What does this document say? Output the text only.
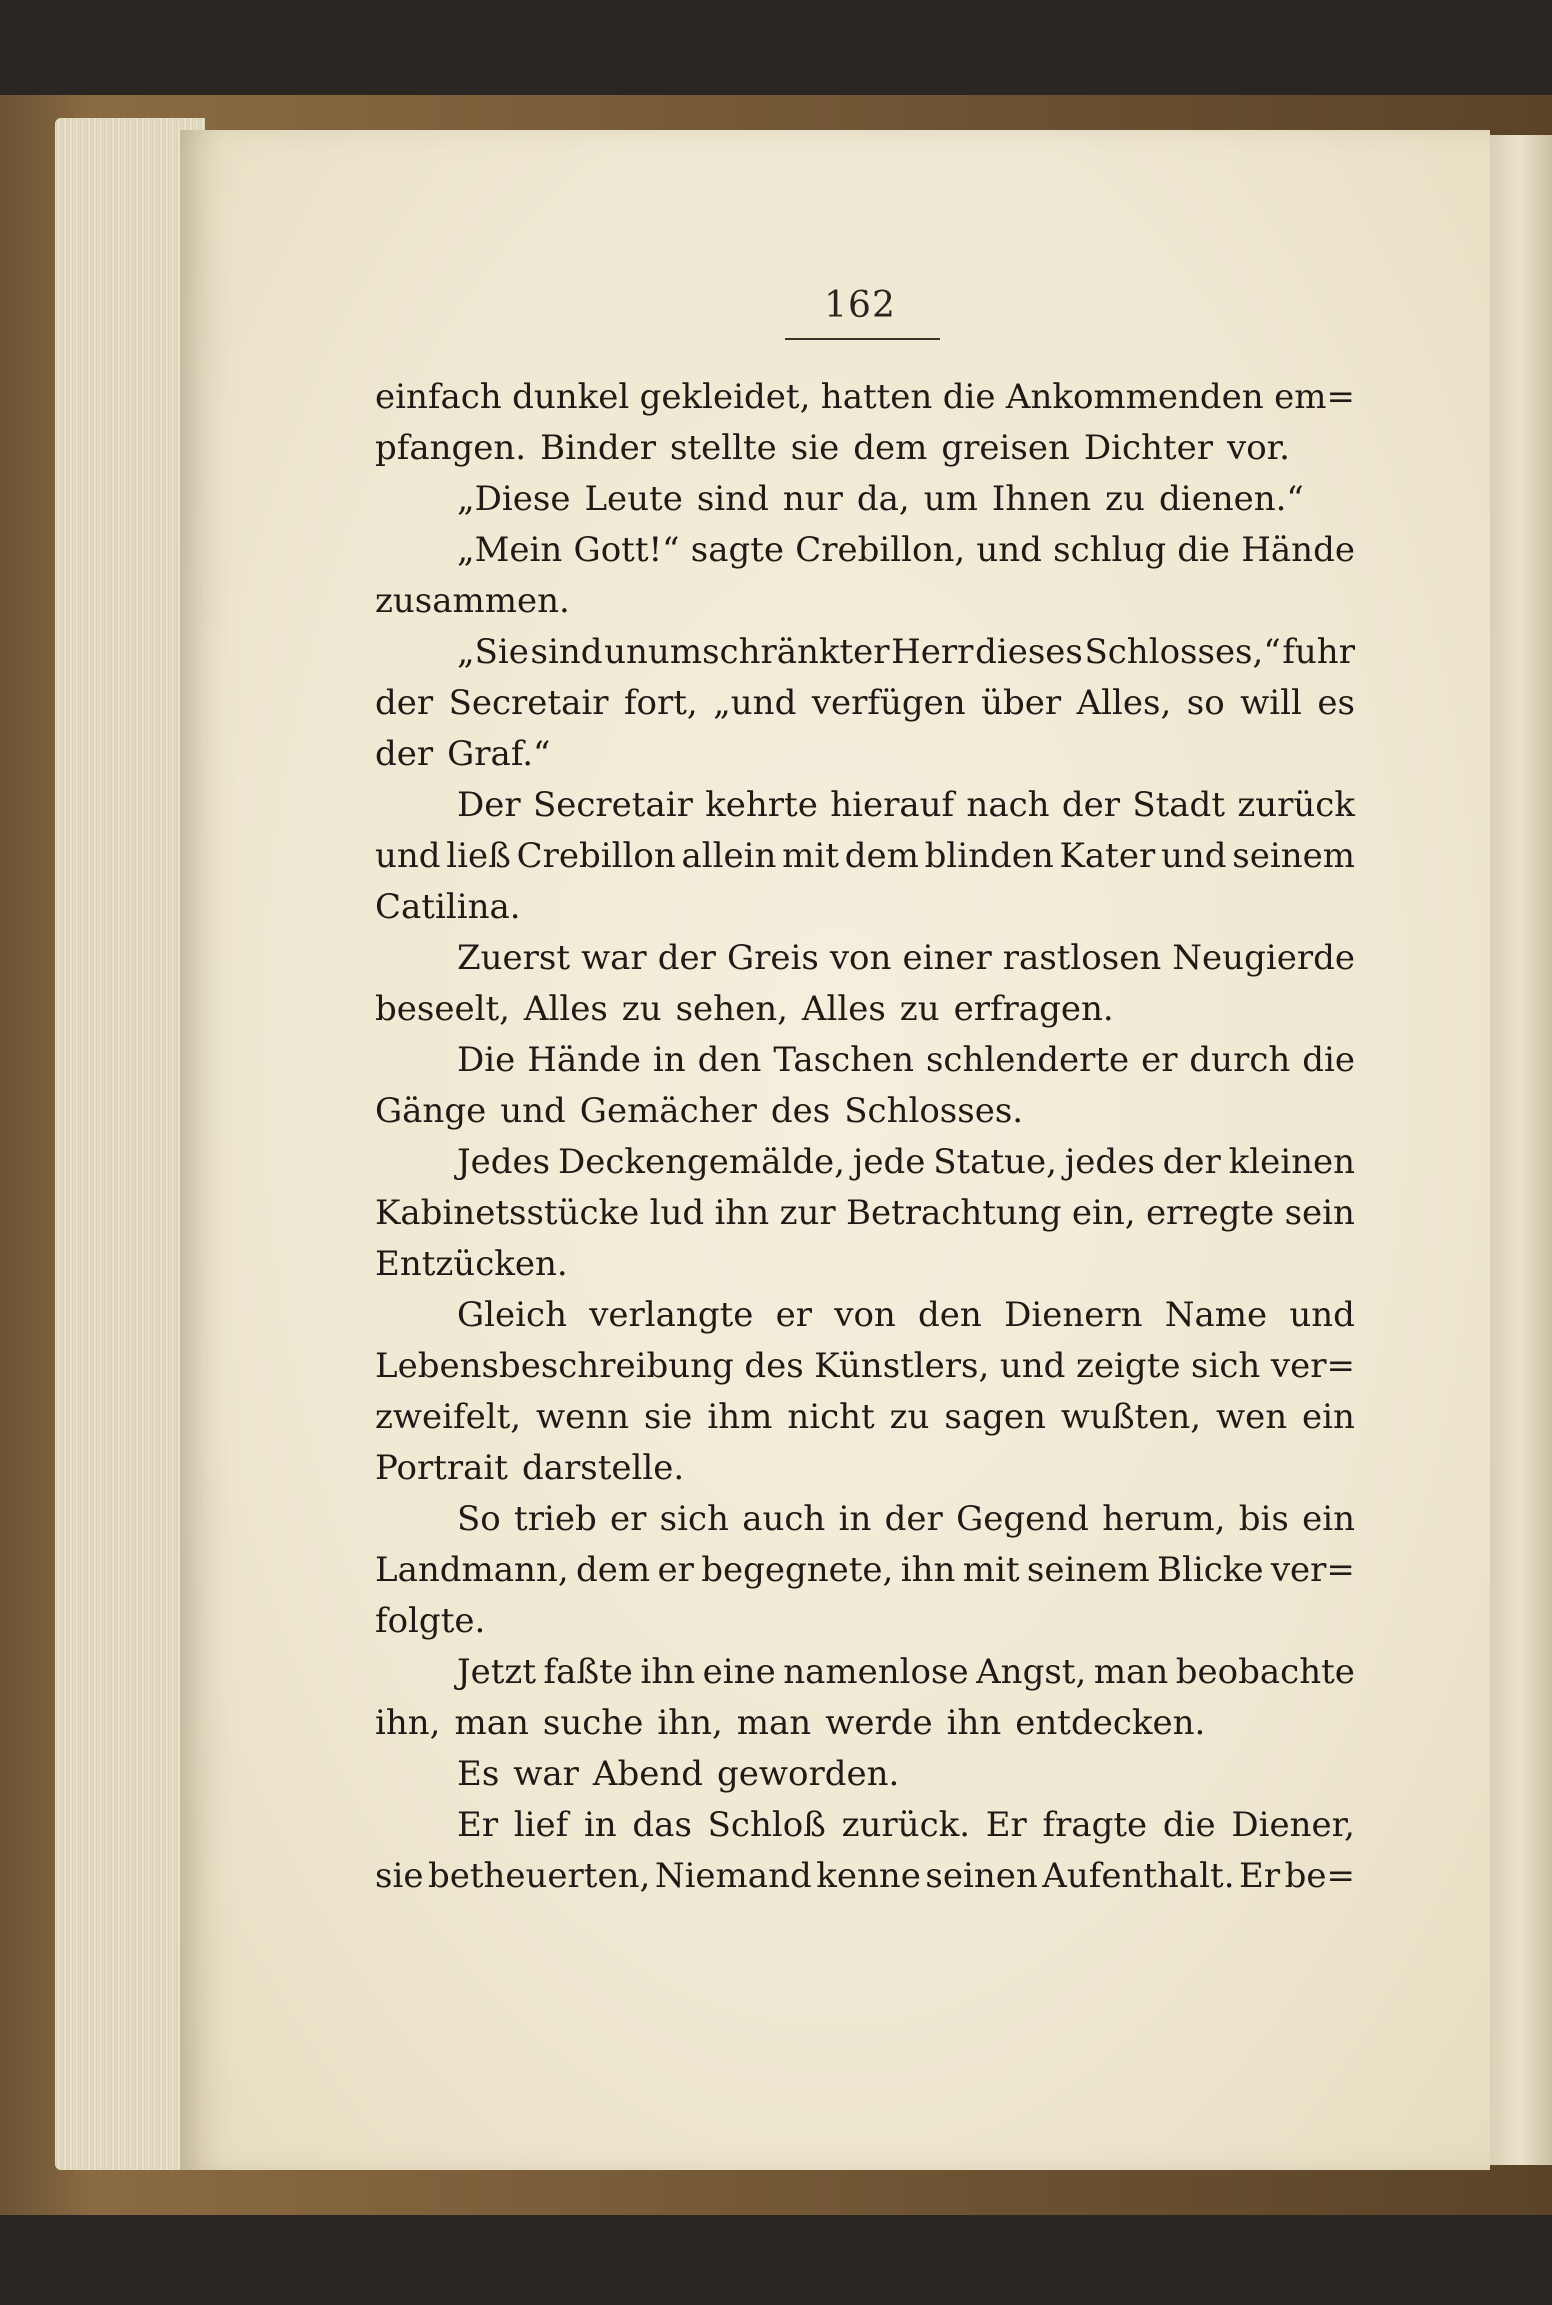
162
einfach dunkel gekleidet, hatten die Ankommenden em=
pfangen. Binder stellte sie dem greisen Dichter vor.
„Diese Leute sind nur da, um Ihnen zu dienen.“
„Mein Gott!“ sagte Crebillon, und schlug die Hände
zusammen.
„Sie sind unumschränkter Herr dieses Schlosses,“ fuhr
der Secretair fort, „und verfügen über Alles, so will es
der Graf.“
Der Secretair kehrte hierauf nach der Stadt zurück
und ließ Crebillon allein mit dem blinden Kater und seinem
Catilina.
Zuerst war der Greis von einer rastlosen Neugierde
beseelt, Alles zu sehen, Alles zu erfragen.
Die Hände in den Taschen schlenderte er durch die
Gänge und Gemächer des Schlosses.
Jedes Deckengemälde, jede Statue, jedes der kleinen
Kabinetsstücke lud ihn zur Betrachtung ein, erregte sein
Entzücken.
Gleich verlangte er von den Dienern Name und
Lebensbeschreibung des Künstlers, und zeigte sich ver=
zweifelt, wenn sie ihm nicht zu sagen wußten, wen ein
Portrait darstelle.
So trieb er sich auch in der Gegend herum, bis ein
Landmann, dem er begegnete, ihn mit seinem Blicke ver=
folgte.
Jetzt faßte ihn eine namenlose Angst, man beobachte
ihn, man suche ihn, man werde ihn entdecken.
Es war Abend geworden.
Er lief in das Schloß zurück. Er fragte die Diener,
sie betheuerten, Niemand kenne seinen Aufenthalt. Er be=
